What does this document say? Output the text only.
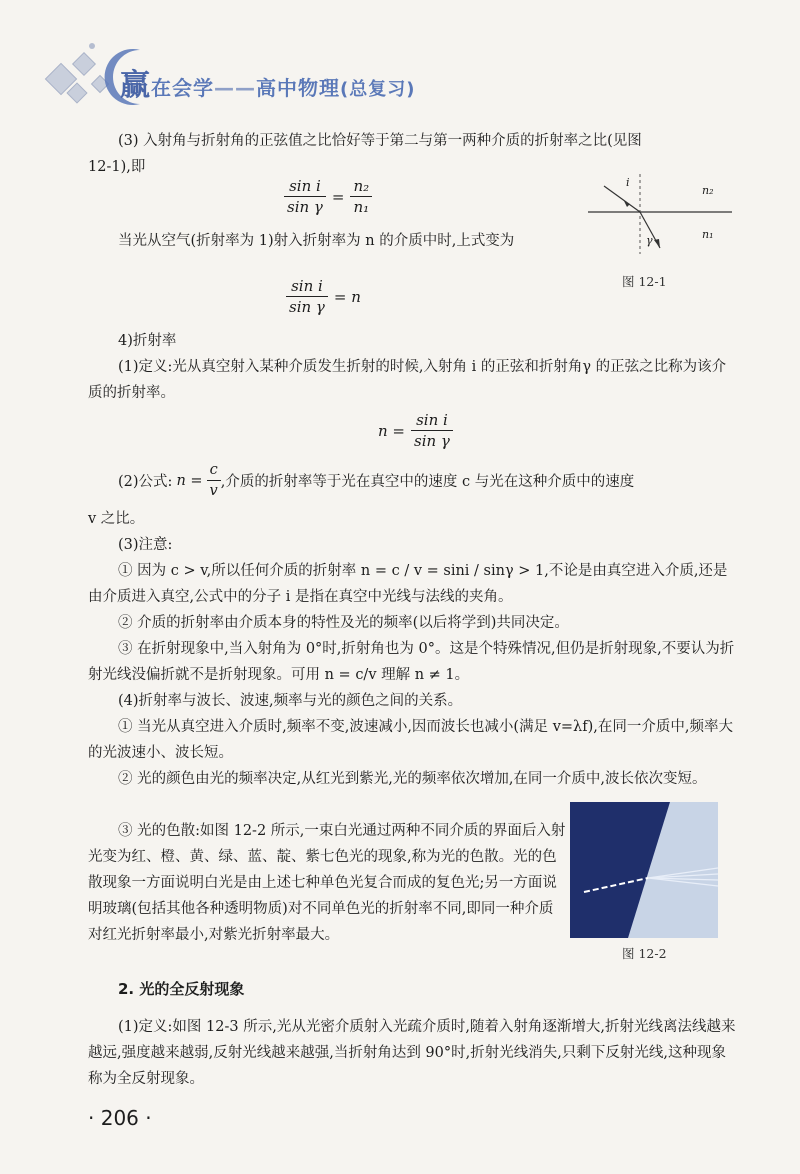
赢在会学——高中物理(总复习)
(3) 入射角与折射角的正弦值之比恰好等于第二与第一两种介质的折射率之比(见图
12-1),即
$\frac{\text{sin i}}{\text{sin γ}} = \frac{\text{n₂}}{\text{n₁}}$	i
γ
n₂
n₁
图 12-1
当光从空气(折射率为 1)射入折射率为 n 的介质中时,上式变为
$\frac{\text{sin i}}{\text{sin γ}} = n$
4)折射率
(1)定义:光从真空射入某种介质发生折射的时候,入射角 i 的正弦和折射角γ 的正弦之比称为该介质的折射率。
$n = \frac{\text{sin i}}{\text{sin γ}}$
(2)公式: $n = \frac{c}{v}$ ,介质的折射率等于光在真空中的速度 c 与光在这种介质中的速度
v 之比。
(3)注意:
① 因为 c > v,所以任何介质的折射率 n = c / v = sini / sinγ > 1,不论是由真空进入介质,还是由介质进入真空,公式中的分子 i 是指在真空中光线与法线的夹角。
② 介质的折射率由介质本身的特性及光的频率(以后将学到)共同决定。
③ 在折射现象中,当入射角为 0°时,折射角也为 0°。这是个特殊情况,但仍是折射现象,不要认为折射光线没偏折就不是折射现象。可用 n = c/v 理解 n ≠ 1。
(4)折射率与波长、波速,频率与光的颜色之间的关系。
① 当光从真空进入介质时,频率不变,波速减小,因而波长也减小(满足 v=λf),在同一介质中,频率大的光波速小、波长短。
② 光的颜色由光的频率决定,从红光到紫光,光的频率依次增加,在同一介质中,波长依次变短。
③ 光的色散:如图 12-2 所示,一束白光通过两种不同介质的界面后入射光变为红、橙、黄、绿、蓝、靛、紫七色光的现象,称为光的色散。光的色散现象一方面说明白光是由上述七种单色光复合而成的复色光;另一方面说明玻璃(包括其他各种透明物质)对不同单色光的折射率不同,即同一种介质对红光折射率最小,对紫光折射率最大。
图 12-2
2. 光的全反射现象
(1)定义:如图 12-3 所示,光从光密介质射入光疏介质时,随着入射角逐渐增大,折射光线离法线越来越远,强度越来越弱,反射光线越来越强,当折射角达到 90°时,折射光线消失,只剩下反射光线,这种现象称为全反射现象。
· 206 ·
